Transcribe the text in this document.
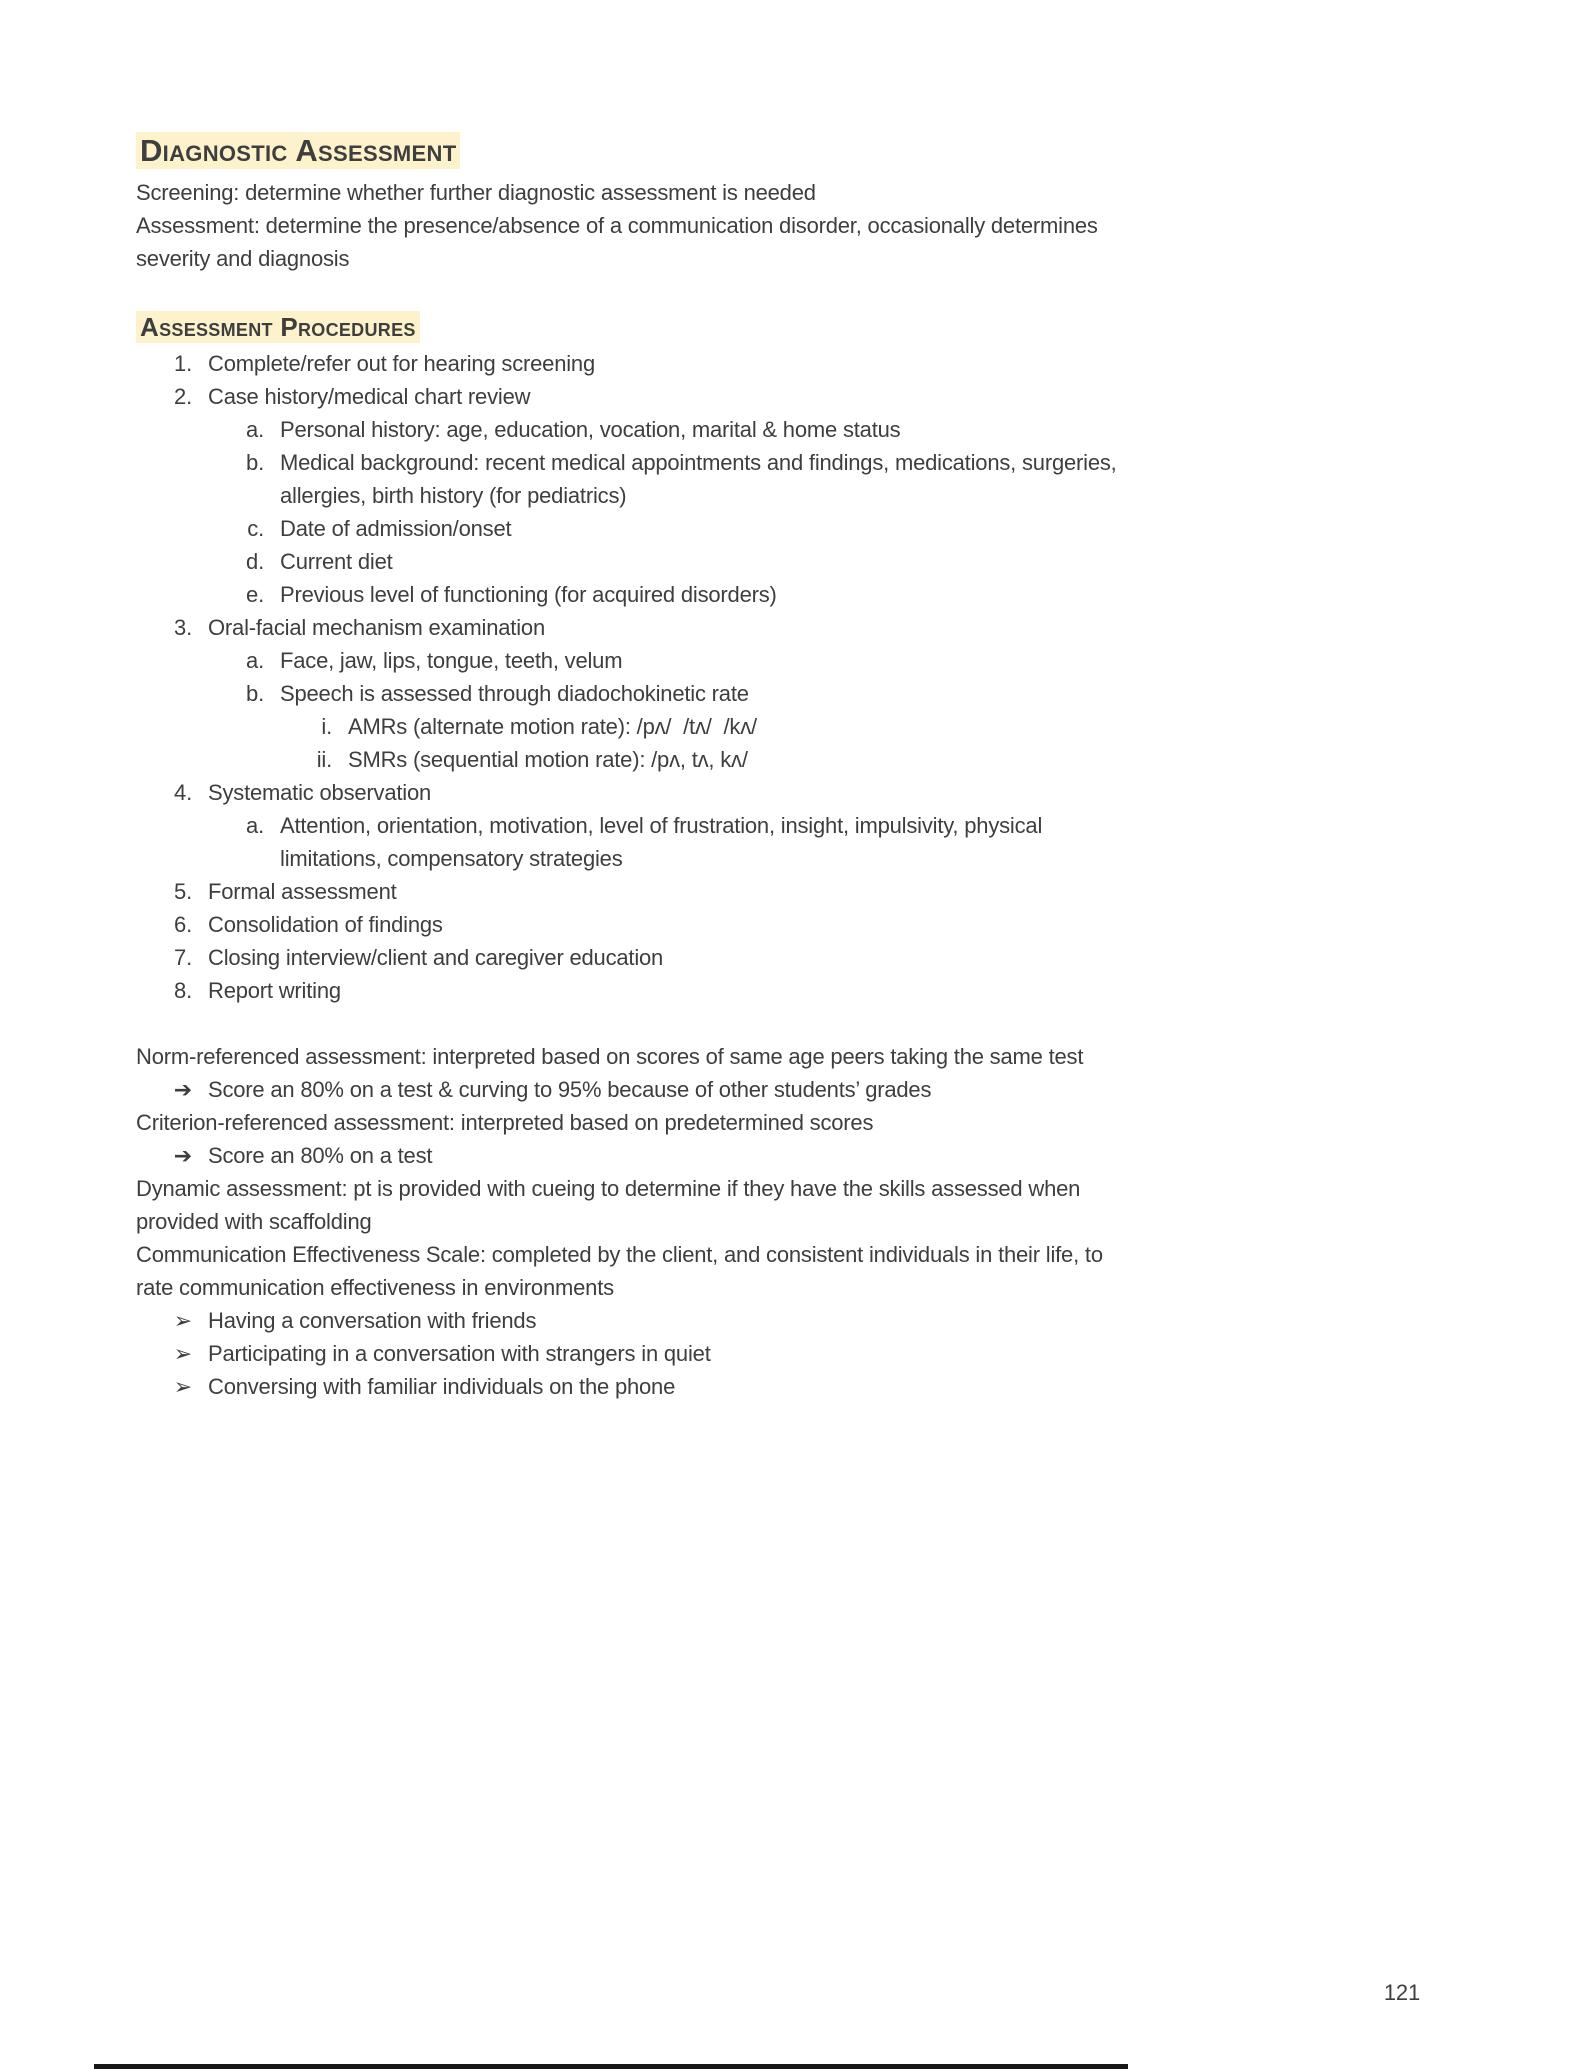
Diagnostic Assessment

Screening: determine whether further diagnostic assessment is needed

Assessment: determine the presence/absence of a communication disorder, occasionally determines severity and diagnosis

Assessment Procedures
1. Complete/refer out for hearing screening
2. Case history/medical chart review
a. Personal history: age, education, vocation, marital & home status
b. Medical background: recent medical appointments and findings, medications, surgeries, allergies, birth history (for pediatrics)
c. Date of admission/onset
d. Current diet
e. Previous level of functioning (for acquired disorders)
3. Oral-facial mechanism examination
a. Face, jaw, lips, tongue, teeth, velum
b. Speech is assessed through diadochokinetic rate
i. AMRs (alternate motion rate): /pʌ/  /tʌ/  /kʌ/
ii. SMRs (sequential motion rate): /pʌ, tʌ, kʌ/
4. Systematic observation
a. Attention, orientation, motivation, level of frustration, insight, impulsivity, physical limitations, compensatory strategies
5. Formal assessment
6. Consolidation of findings
7. Closing interview/client and caregiver education
8. Report writing

Norm-referenced assessment: interpreted based on scores of same age peers taking the same test

➔ Score an 80% on a test & curving to 95% because of other students’ grades

Criterion-referenced assessment: interpreted based on predetermined scores

➔ Score an 80% on a test

Dynamic assessment: pt is provided with cueing to determine if they have the skills assessed when provided with scaffolding

Communication Effectiveness Scale: completed by the client, and consistent individuals in their life, to rate communication effectiveness in environments

➢ Having a conversation with friends
➢ Participating in a conversation with strangers in quiet
➢ Conversing with familiar individuals on the phone
121
